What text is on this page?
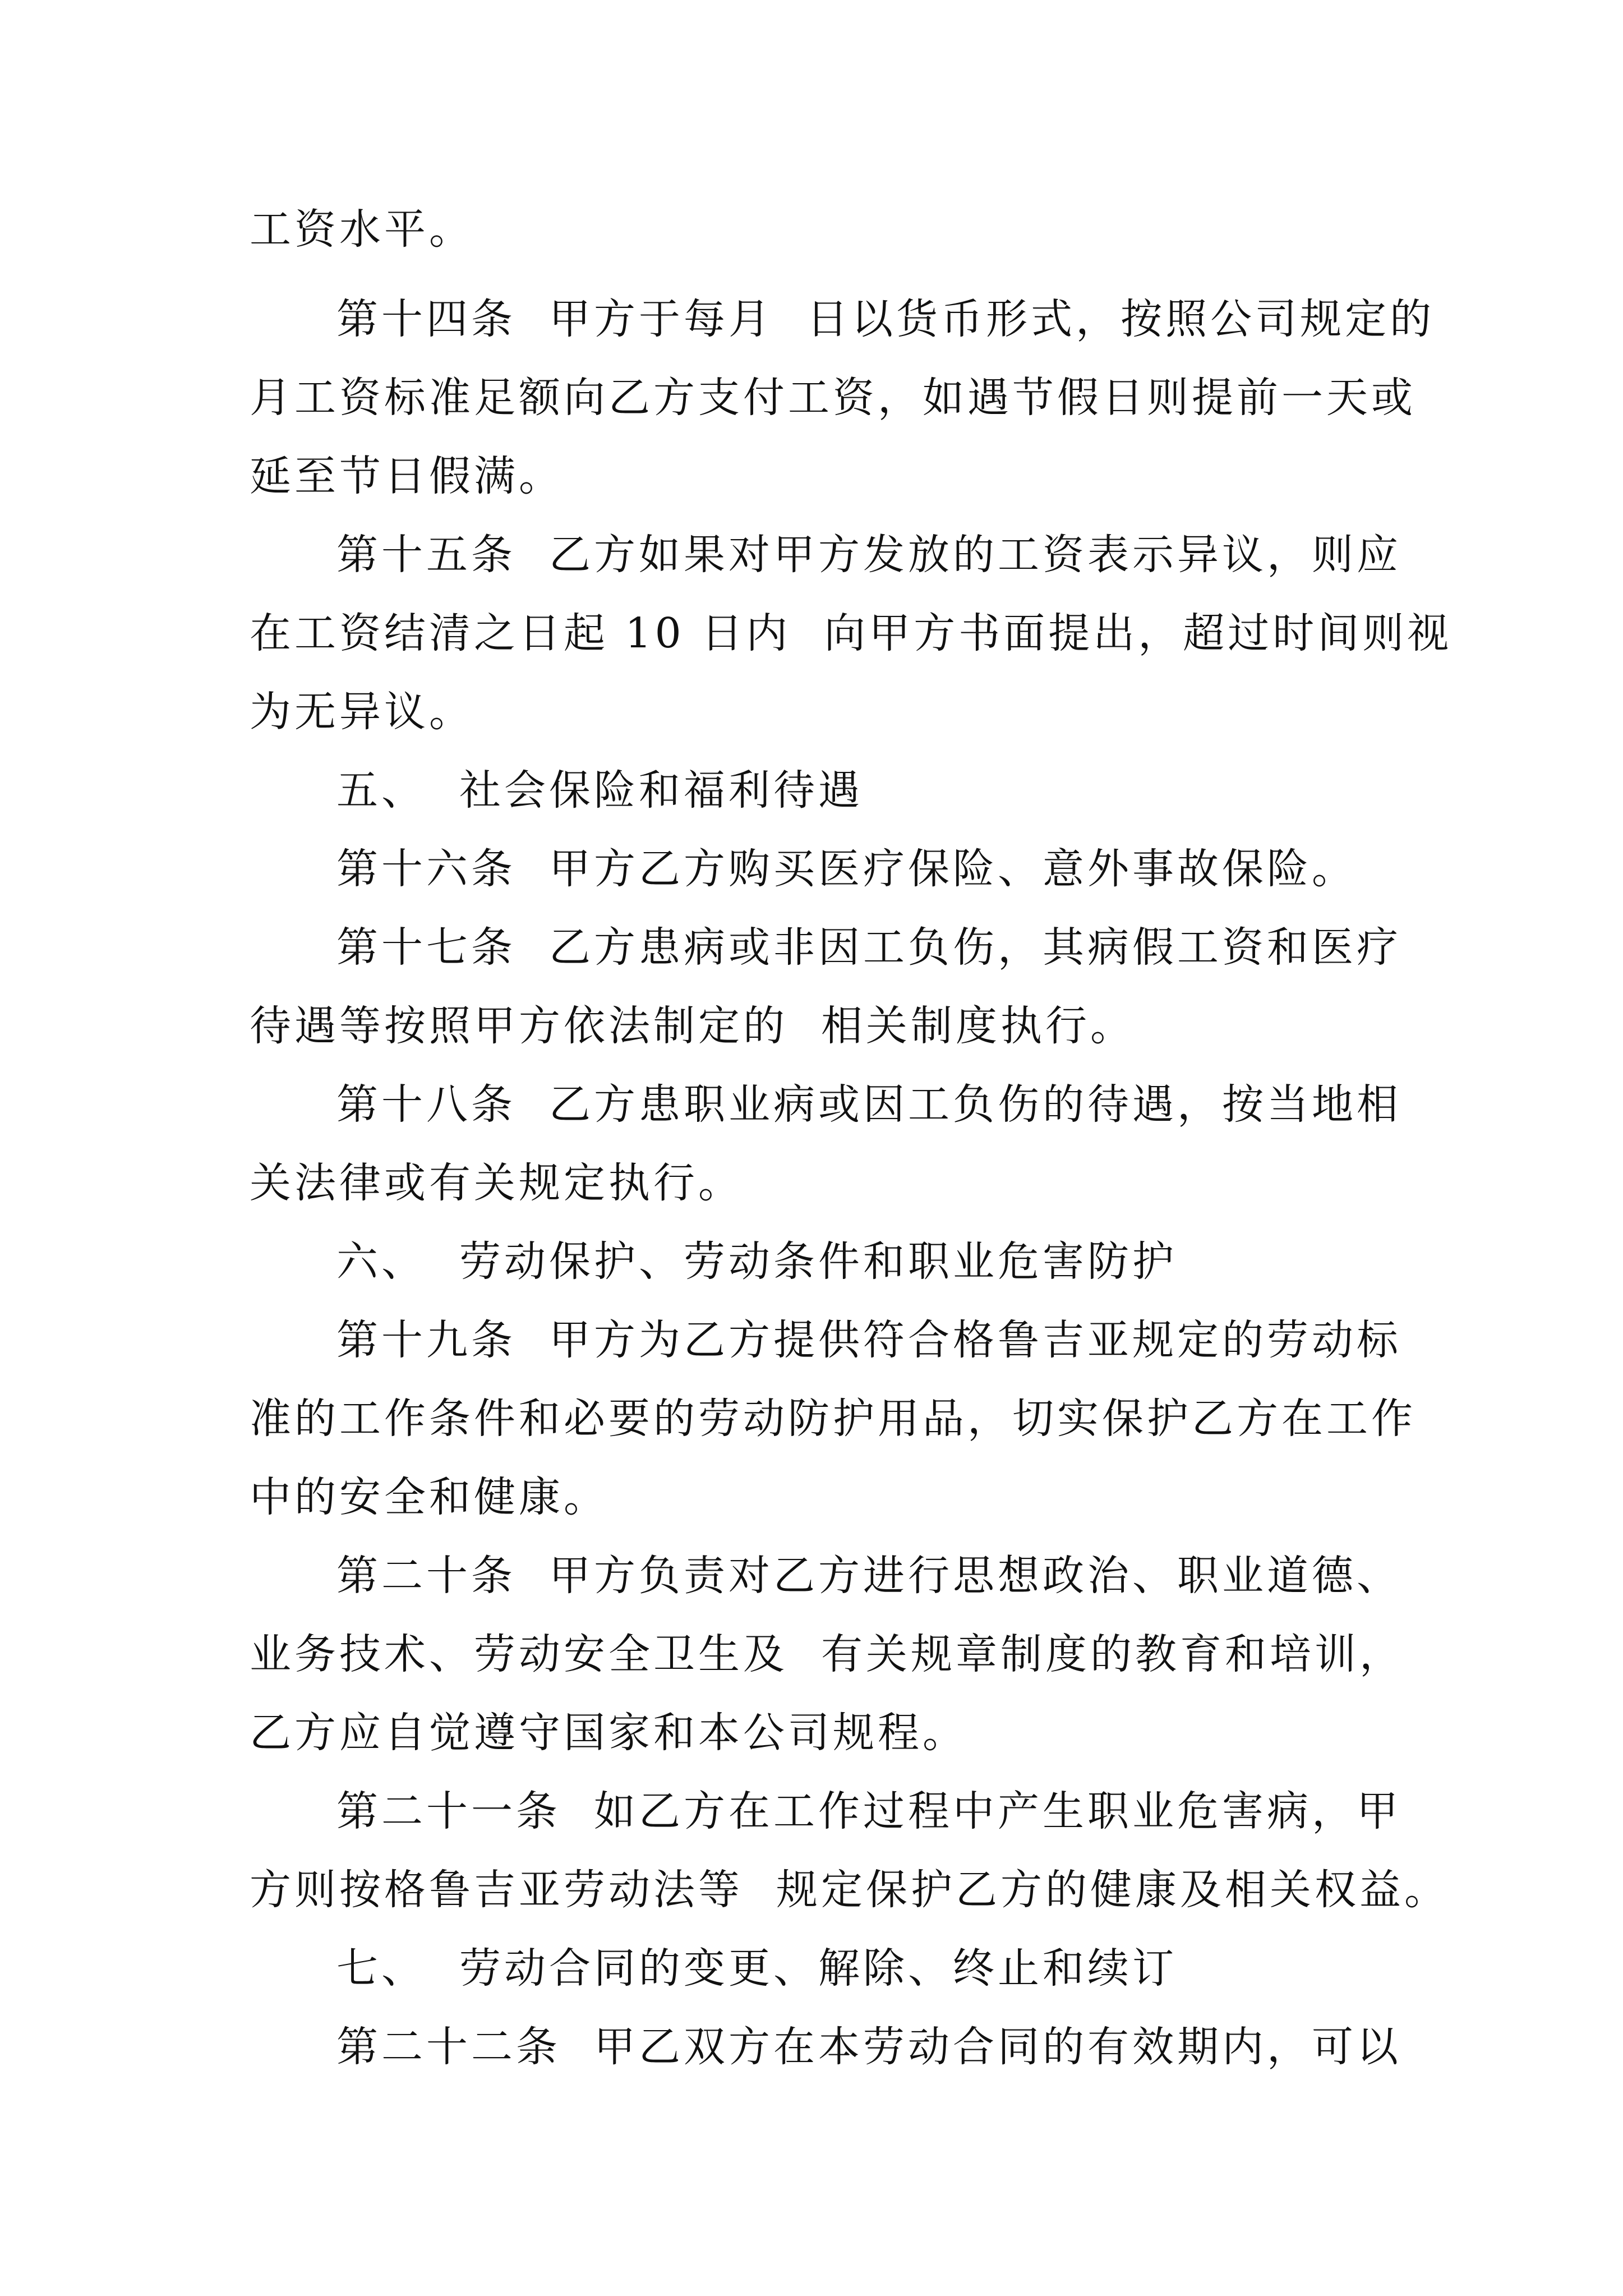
工资水平。
第十四条  甲方于每月  日以货币形式，按照公司规定的
月工资标准足额向乙方支付工资，如遇节假日则提前一天或
延至节日假满。
第十五条  乙方如果对甲方发放的工资表示异议，则应
在工资结清之日起 10 日内  向甲方书面提出，超过时间则视
为无异议。
五、  社会保险和福利待遇
第十六条  甲方乙方购买医疗保险、意外事故保险。
第十七条  乙方患病或非因工负伤，其病假工资和医疗
待遇等按照甲方依法制定的  相关制度执行。
第十八条  乙方患职业病或因工负伤的待遇，按当地相
关法律或有关规定执行。
六、  劳动保护、劳动条件和职业危害防护
第十九条  甲方为乙方提供符合格鲁吉亚规定的劳动标
准的工作条件和必要的劳动防护用品，切实保护乙方在工作
中的安全和健康。
第二十条  甲方负责对乙方进行思想政治、职业道德、
业务技术、劳动安全卫生及  有关规章制度的教育和培训，
乙方应自觉遵守国家和本公司规程。
第二十一条  如乙方在工作过程中产生职业危害病，甲
方则按格鲁吉亚劳动法等  规定保护乙方的健康及相关权益。
七、  劳动合同的变更、解除、终止和续订
第二十二条  甲乙双方在本劳动合同的有效期内，可以
